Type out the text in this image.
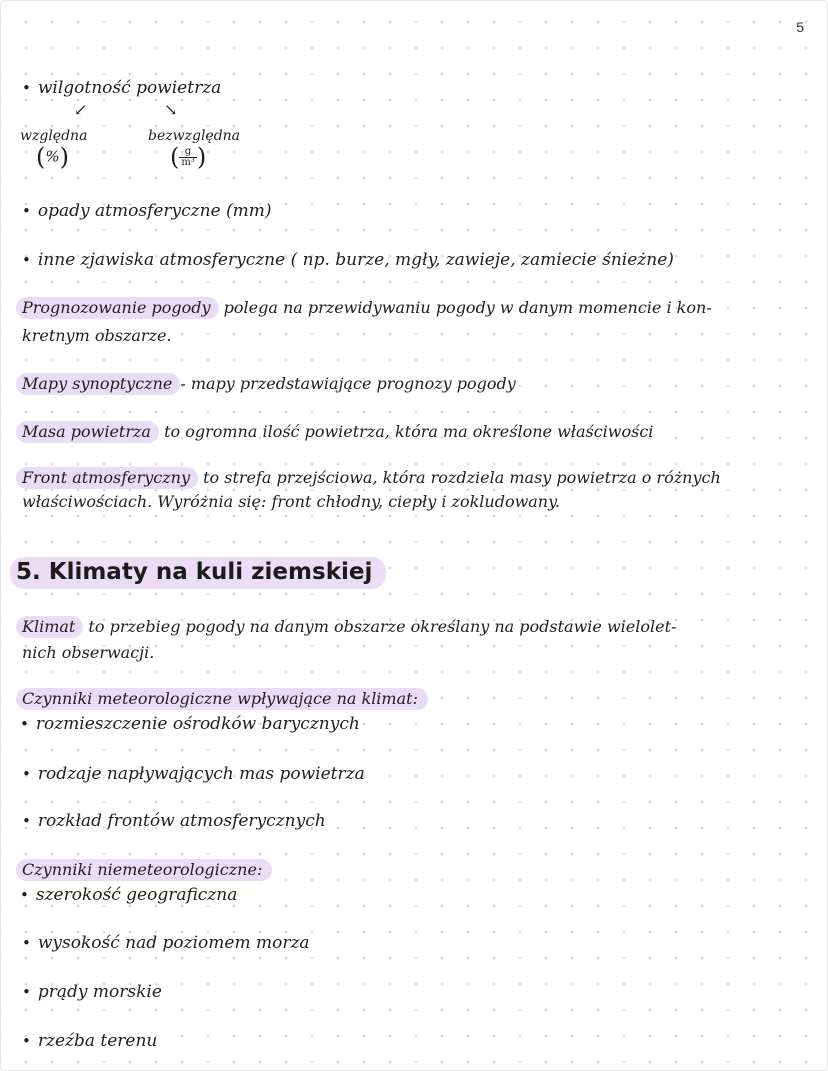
5
• wilgotność powietrza
↙	↘
względna
(%)
bezwzględna
( $\frac{g}{\text{m³}}$ )
• opady atmosferyczne (mm)
• inne zjawiska atmosferyczne ( np. burze, mgły, zawieje, zamiecie śnieżne)
Prognozowanie pogody polega na przewidywaniu pogody w danym momencie i kon-
kretnym obszarze.
Mapy synoptyczne - mapy przedstawiające prognozy pogody
Masa powietrza to ogromna ilość powietrza, która ma określone właściwości
Front atmosferyczny to strefa przejściowa, która rozdziela masy powietrza o różnych
właściwościach. Wyróżnia się: front chłodny, ciepły i zokludowany.
5. Klimaty na kuli ziemskiej
Klimat to przebieg pogody na danym obszarze określany na podstawie wielolet-
nich obserwacji.
Czynniki meteorologiczne wpływające na klimat:
• rozmieszczenie ośrodków barycznych
• rodzaje napływających mas powietrza
• rozkład frontów atmosferycznych
Czynniki niemeteorologiczne:
• szerokość geograficzna
• wysokość nad poziomem morza
• prądy morskie
• rzeźba terenu
